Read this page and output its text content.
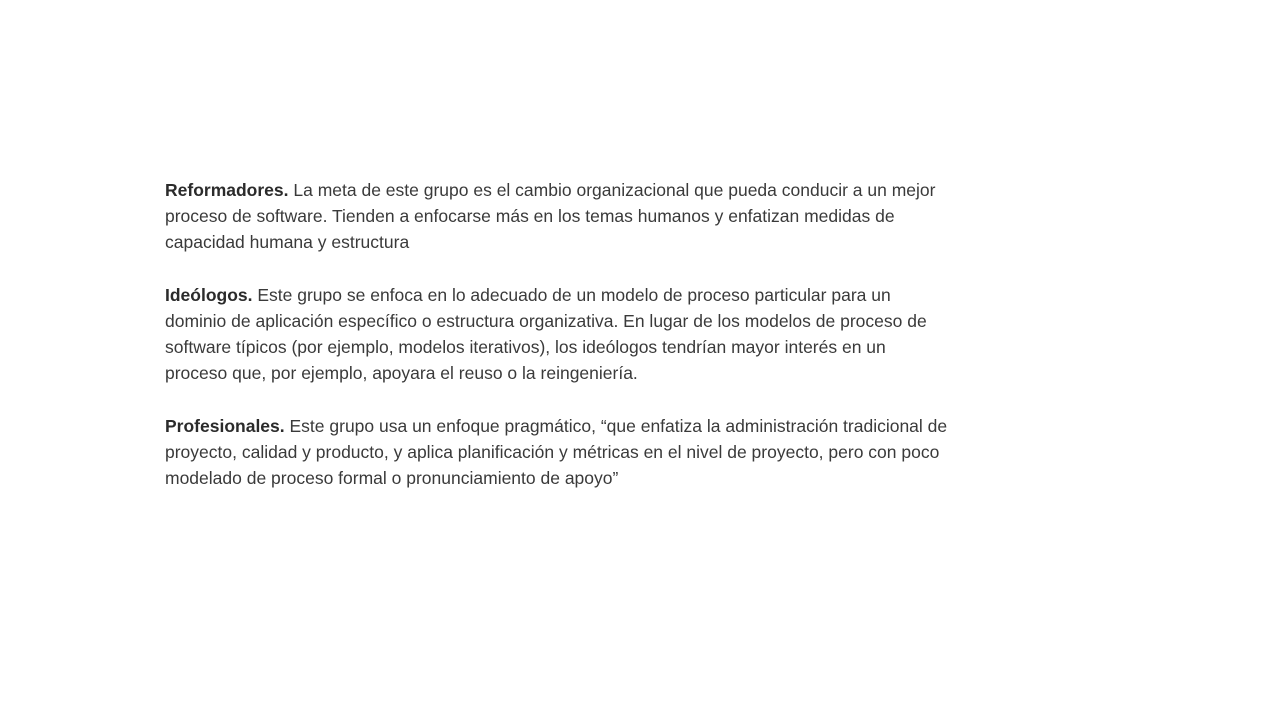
Reformadores. La meta de este grupo es el cambio organizacional que pueda conducir a un mejor
proceso de software. Tienden a enfocarse más en los temas humanos y enfatizan medidas de
capacidad humana y estructura

Ideólogos. Este grupo se enfoca en lo adecuado de un modelo de proceso particular para un
dominio de aplicación específico o estructura organizativa. En lugar de los modelos de proceso de
software típicos (por ejemplo, modelos iterativos), los ideólogos tendrían mayor interés en un
proceso que, por ejemplo, apoyara el reuso o la reingeniería.

Profesionales. Este grupo usa un enfoque pragmático, “que enfatiza la administración tradicional de
proyecto, calidad y producto, y aplica planificación y métricas en el nivel de proyecto, pero con poco
modelado de proceso formal o pronunciamiento de apoyo”
